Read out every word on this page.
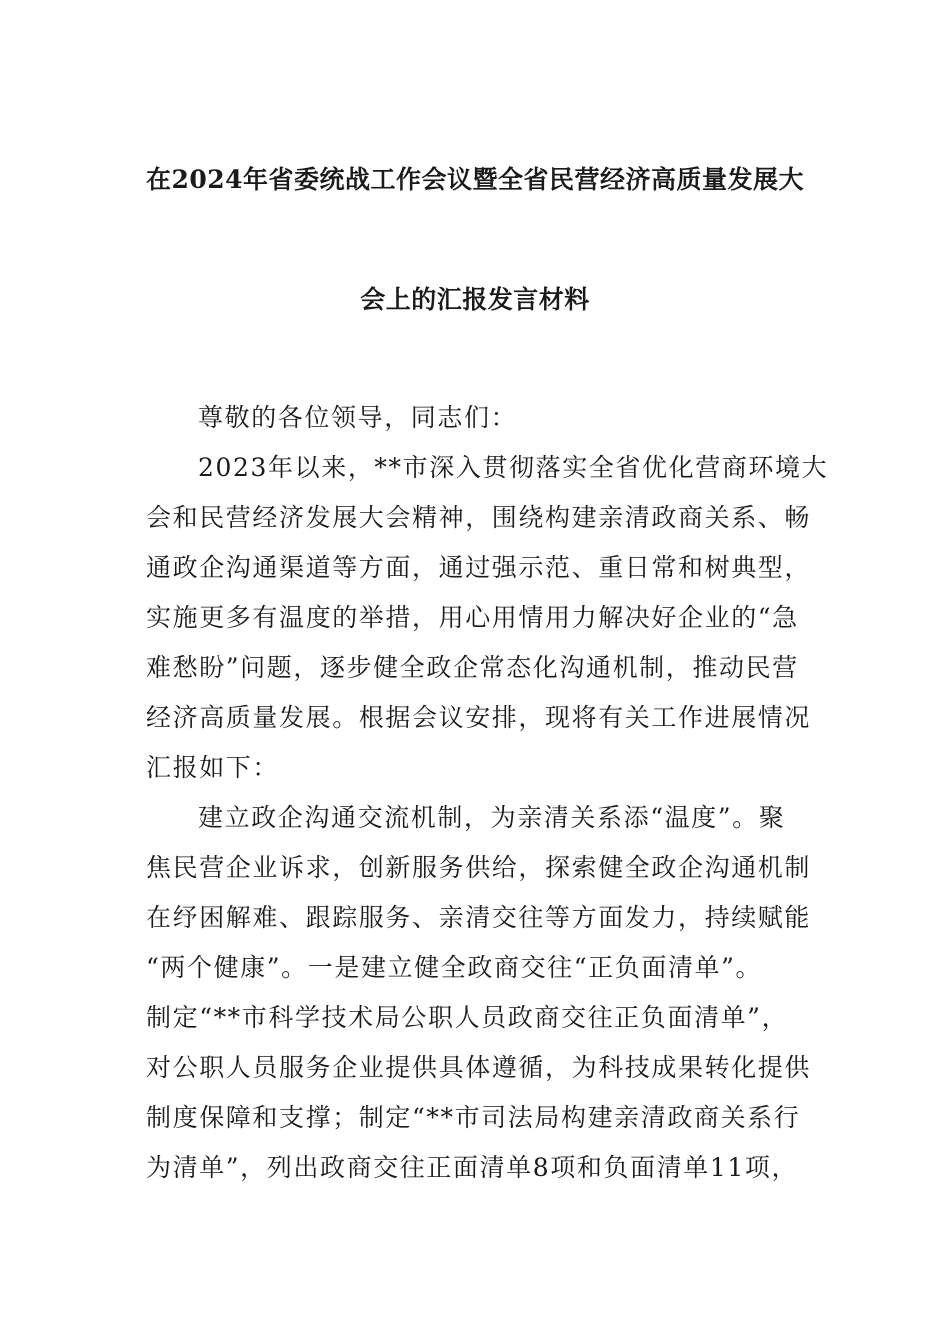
在2024年省委统战工作会议暨全省民营经济高质量发展大
会上的汇报发言材料
尊敬的各位领导，同志们：
2023年以来，**市深入贯彻落实全省优化营商环境大
会和民营经济发展大会精神，围绕构建亲清政商关系、畅
通政企沟通渠道等方面，通过强示范、重日常和树典型，
实施更多有温度的举措，用心用情用力解决好企业的“急
难愁盼”问题，逐步健全政企常态化沟通机制，推动民营
经济高质量发展。根据会议安排，现将有关工作进展情况
汇报如下：
建立政企沟通交流机制，为亲清关系添“温度”。聚
焦民营企业诉求，创新服务供给，探索健全政企沟通机制
在纾困解难、跟踪服务、亲清交往等方面发力，持续赋能
“两个健康”。一是建立健全政商交往“正负面清单”。
制定“**市科学技术局公职人员政商交往正负面清单”，
对公职人员服务企业提供具体遵循，为科技成果转化提供
制度保障和支撑；制定“**市司法局构建亲清政商关系行
为清单”，列出政商交往正面清单8项和负面清单11项，
